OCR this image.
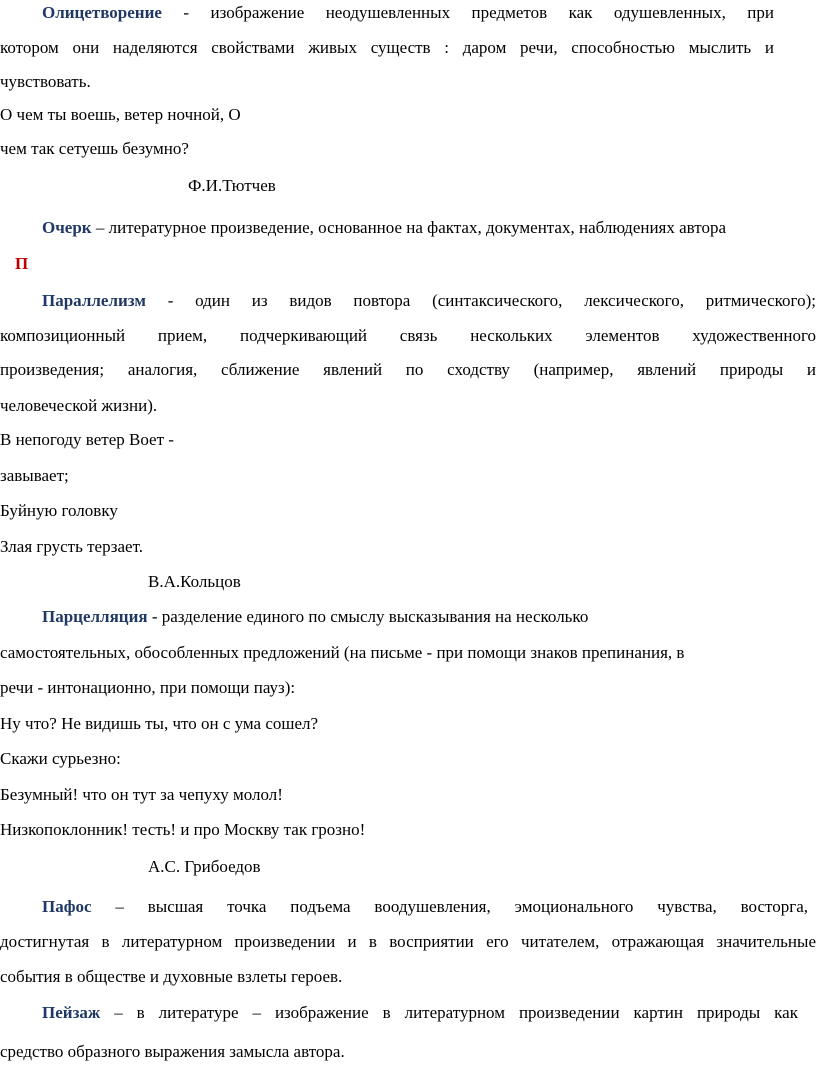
Олицетворение - изображение неодушевленных предметов как одушевленных, при
котором они наделяются свойствами живых существ : даром речи, способностью мыслить и
чувствовать.
О чем ты воешь, ветер ночной, О
чем так сетуешь безумно?
Ф.И.Тютчев
Очерк – литературное произведение, основанное на фактах, документах, наблюдениях автора
П
Параллелизм - один из видов повтора (синтаксического, лексического, ритмического);
композиционный прием, подчеркивающий связь нескольких элементов художественного
произведения; аналогия, сближение явлений по сходству (например, явлений природы и
человеческой жизни).
В непогоду ветер Воет -
завывает;
Буйную головку
Злая грусть терзает.
В.А.Кольцов
Парцелляция - разделение единого по смыслу высказывания на несколько
самостоятельных, обособленных предложений (на письме - при помощи знаков препинания, в
речи - интонационно, при помощи пауз):
Ну что? Не видишь ты, что он с ума сошел?
Скажи сурьезно:
Безумный! что он тут за чепуху молол!
Низкопоклонник! тесть! и про Москву так грозно!
А.С. Грибоедов
Пафос – высшая точка подъема воодушевления, эмоционального чувства, восторга,
достигнутая в литературном произведении и в восприятии его читателем, отражающая значительные
события в обществе и духовные взлеты героев.
Пейзаж – в литературе – изображение в литературном произведении картин природы как
средство образного выражения замысла автора.
